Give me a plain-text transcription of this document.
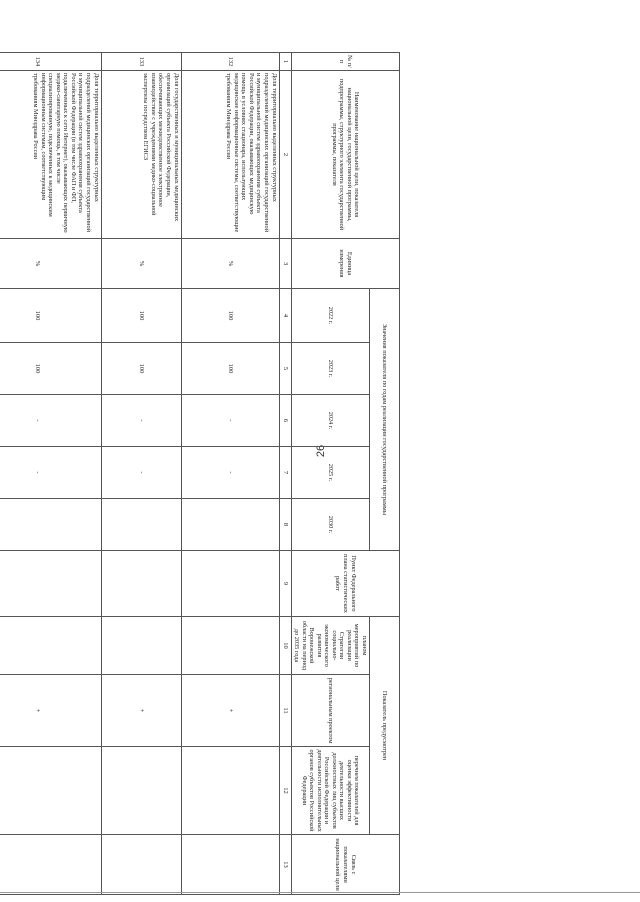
26
№ п/п	Наименование национальной цели, показателя национальной цели, государственной программы, подпрограммы, структурного элемента государственной программы, показателя	Единица измерения	Значения показателя по годам реализации государственной программы					Пункт Федерального плана статистических работ	Показатель предусмотрен			Связь с показателями национальной цели
			2022 г.	2023 г.	2024 г.	2025 г.	2030 г.		планом мероприятий по реализации Стратегии социально-экономического развития Воронежской области на период до 2035 года	региональным проектом	перечнем показателей для оценки эффективности деятельности высших должностных лиц субъектов Российской Федерации и деятельности исполнительных органов субъектов Российской Федерации	

1	2	3	4	5	6	7	8	9	10	11	12	13
132	Доля территориально выделенных структурных подразделений медицинских организаций государственной и муниципальной систем здравоохранения субъекта Российской Федерации, оказывающих медицинскую помощь в условиях стационара, использующих медицинские информационные системы, соответствующие требованиям Минздрава России	%	100	100	-	-				+		
133	Доля государственных и муниципальных медицинских организаций субъекта Российской Федерации, обеспечивающих межведомственное электронное взаимодействие с учреждениями медико-социальной экспертизы посредством ЕГИСЗ	%	100	100	-	-				+		
134	Доля территориально выделенных структурных подразделений медицинских организаций государственной и муниципальной систем здравоохранения субъекта Российской Федерации (в том числе ФАП и ФП, подключенных к сети Интернет), оказывающих первичную медико-санитарную помощь, в том числе специализированную, подключенных к медицинским информационным системам, соответствующим требованиям Минздрава России	%	100	100	-	-				+		
